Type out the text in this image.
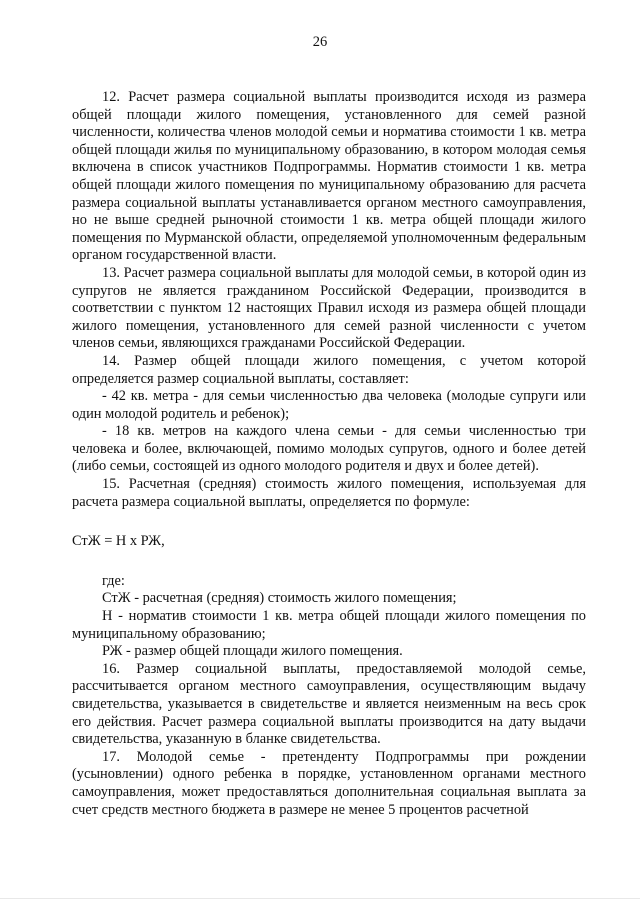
26

12. Расчет размера социальной выплаты производится исходя из размера общей площади жилого помещения, установленного для семей разной численности, количества членов молодой семьи и норматива стоимости 1 кв. метра общей площади жилья по муниципальному образованию, в котором молодая семья включена в список участников Подпрограммы. Норматив стоимости 1 кв. метра общей площади жилого помещения по муниципальному образованию для расчета размера социальной выплаты устанавливается органом местного самоуправления, но не выше средней рыночной стоимости 1 кв. метра общей площади жилого помещения по Мурманской области, определяемой уполномоченным федеральным органом государственной власти.

13. Расчет размера социальной выплаты для молодой семьи, в которой один из супругов не является гражданином Российской Федерации, производится в соответствии с пунктом 12 настоящих Правил исходя из размера общей площади жилого помещения, установленного для семей разной численности с учетом членов семьи, являющихся гражданами Российской Федерации.

14. Размер общей площади жилого помещения, с учетом которой определяется размер социальной выплаты, составляет:

- 42 кв. метра - для семьи численностью два человека (молодые супруги или один молодой родитель и ребенок);

- 18 кв. метров на каждого члена семьи - для семьи численностью три человека и более, включающей, помимо молодых супругов, одного и более детей (либо семьи, состоящей из одного молодого родителя и двух и более детей).

15. Расчетная (средняя) стоимость жилого помещения, используемая для расчета размера социальной выплаты, определяется по формуле:

СтЖ = Н х РЖ,

где:

СтЖ - расчетная (средняя) стоимость жилого помещения;

Н - норматив стоимости 1 кв. метра общей площади жилого помещения по муниципальному образованию;

РЖ - размер общей площади жилого помещения.

16. Размер социальной выплаты, предоставляемой молодой семье, рассчитывается органом местного самоуправления, осуществляющим выдачу свидетельства, указывается в свидетельстве и является неизменным на весь срок его действия. Расчет размера социальной выплаты производится на дату выдачи свидетельства, указанную в бланке свидетельства.

17. Молодой семье - претенденту Подпрограммы при рождении (усыновлении) одного ребенка в порядке, установленном органами местного самоуправления, может предоставляться дополнительная социальная выплата за счет средств местного бюджета в размере не менее 5 процентов расчетной
